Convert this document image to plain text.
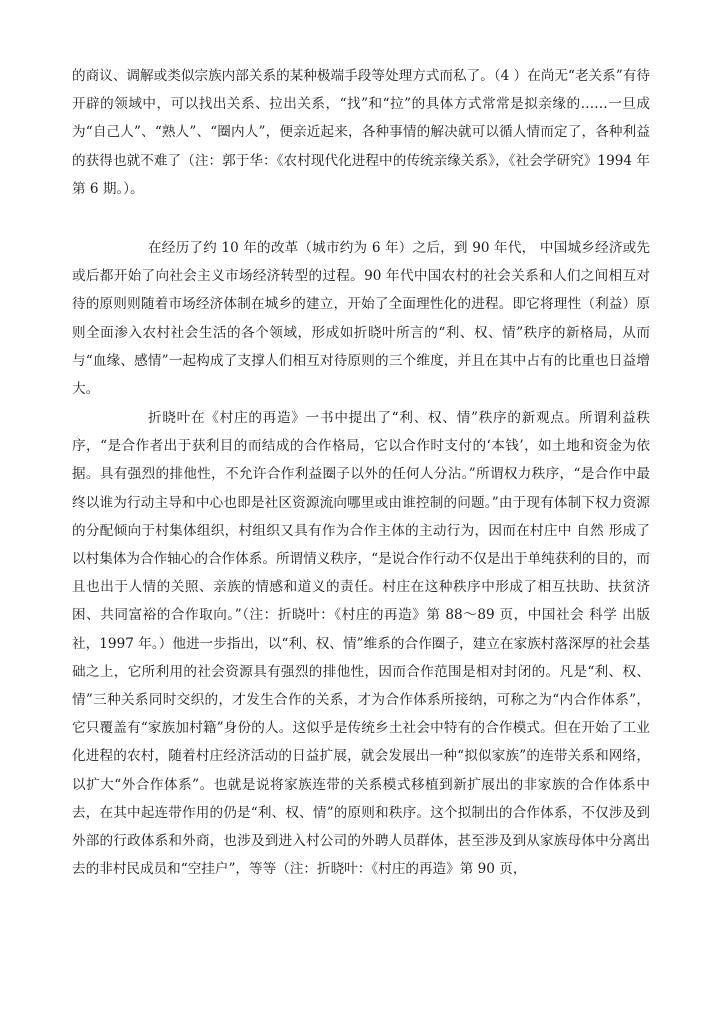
的商议、调解或类似宗族内部关系的某种极端手段等处理方式而私了。（4 ）在尚无“老关系”有待开辟的领域中，可以找出关系、拉出关系，“找”和“拉”的具体方式常常是拟亲缘的……一旦成为“自己人”、“熟人”、“圈内人”，便亲近起来，各种事情的解决就可以循人情而定了，各种利益的获得也就不难了（注：郭于华：《农村现代化进程中的传统亲缘关系》，《社会学研究》1994 年第 6 期。）。

在经历了约 10 年的改革（城市约为 6 年）之后，到 90 年代， 中国城乡经济或先或后都开始了向社会主义市场经济转型的过程。90 年代中国农村的社会关系和人们之间相互对待的原则则随着市场经济体制在城乡的建立，开始了全面理性化的进程。即它将理性（利益）原则全面渗入农村社会生活的各个领域，形成如折晓叶所言的“利、权、情”秩序的新格局，从而与“血缘、感情”一起构成了支撑人们相互对待原则的三个维度，并且在其中占有的比重也日益增大。

折晓叶在《村庄的再造》一书中提出了“利、权、情”秩序的新观点。所谓利益秩序，“是合作者出于获利目的而结成的合作格局，它以合作时支付的‘本钱’，如土地和资金为依据。具有强烈的排他性，不允许合作利益圈子以外的任何人分沾。”所谓权力秩序，“是合作中最终以谁为行动主导和中心也即是社区资源流向哪里或由谁控制的问题。”由于现有体制下权力资源的分配倾向于村集体组织，村组织又具有作为合作主体的主动行为，因而在村庄中 自然 形成了以村集体为合作轴心的合作体系。所谓情义秩序，“是说合作行动不仅是出于单纯获利的目的，而且也出于人情的关照、亲族的情感和道义的责任。村庄在这种秩序中形成了相互扶助、扶贫济困、共同富裕的合作取向。”（注：折晓叶：《村庄的再造》第 88～89 页，中国社会 科学 出版社，1997 年。）他进一步指出，以“利、权、情”维系的合作圈子，建立在家族村落深厚的社会基础之上，它所利用的社会资源具有强烈的排他性，因而合作范围是相对封闭的。凡是“利、权、情”三种关系同时交织的，才发生合作的关系，才为合作体系所接纳，可称之为“内合作体系”，它只覆盖有“家族加村籍”身份的人。这似乎是传统乡土社会中特有的合作模式。但在开始了工业化进程的农村，随着村庄经济活动的日益扩展，就会发展出一种“拟似家族”的连带关系和网络，以扩大“外合作体系”。也就是说将家族连带的关系模式移植到新扩展出的非家族的合作体系中去，在其中起连带作用的仍是“利、权、情”的原则和秩序。这个拟制出的合作体系，不仅涉及到外部的行政体系和外商，也涉及到进入村公司的外聘人员群体，甚至涉及到从家族母体中分离出去的非村民成员和“空挂户”，等等（注：折晓叶：《村庄的再造》第 90 页，
